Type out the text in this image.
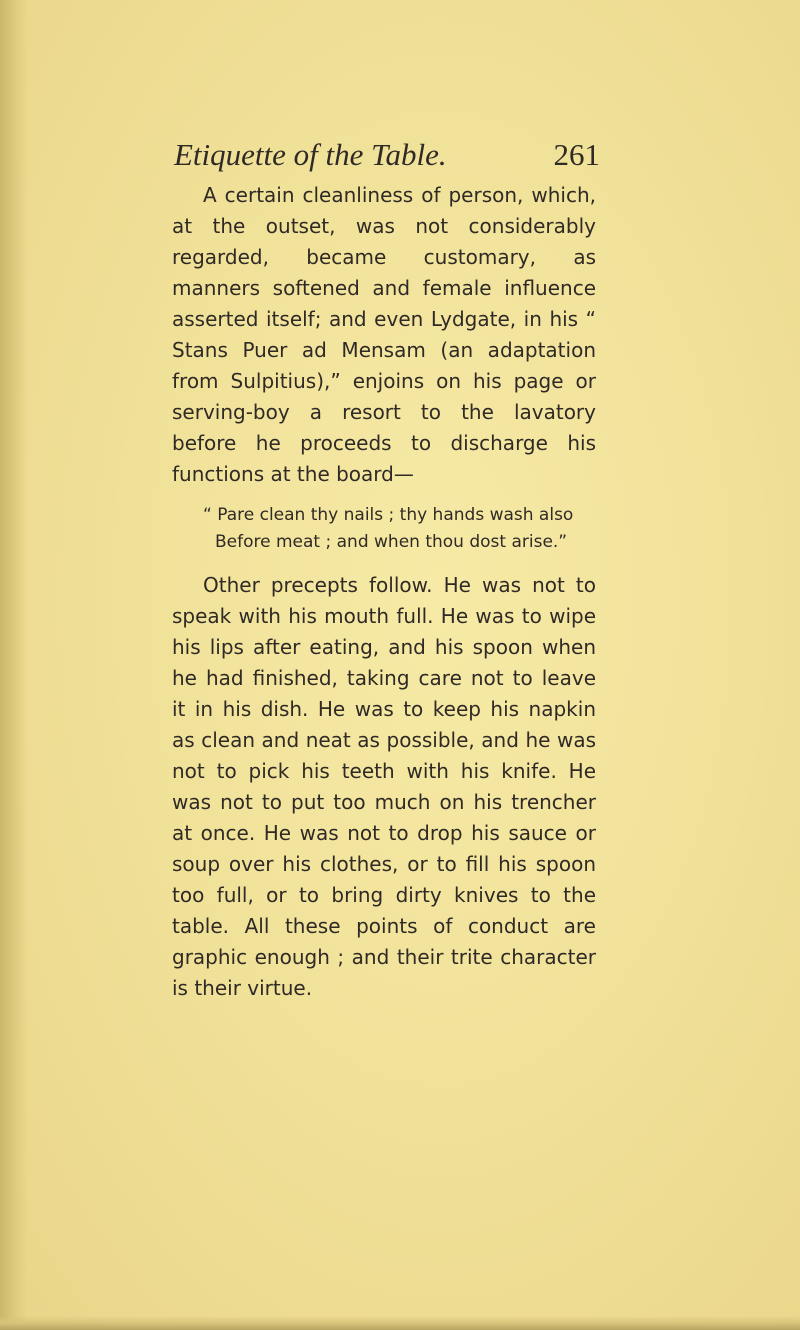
Etiquette of the Table.	261

A certain cleanliness of person, which, at the outset, was not considerably regarded, became customary, as manners softened and female influence asserted itself; and even Lydgate, in his “ Stans Puer ad Mensam (an adaptation from Sulpitius),” enjoins on his page or serving-boy a resort to the lavatory before he proceeds to discharge his functions at the board—

“ Pare clean thy nails ; thy hands wash also
Before meat ; and when thou dost arise.”

Other precepts follow. He was not to speak with his mouth full. He was to wipe his lips after eating, and his spoon when he had finished, taking care not to leave it in his dish. He was to keep his napkin as clean and neat as possible, and he was not to pick his teeth with his knife. He was not to put too much on his trencher at once. He was not to drop his sauce or soup over his clothes, or to fill his spoon too full, or to bring dirty knives to the table. All these points of conduct are graphic enough ; and their trite character is their virtue.
